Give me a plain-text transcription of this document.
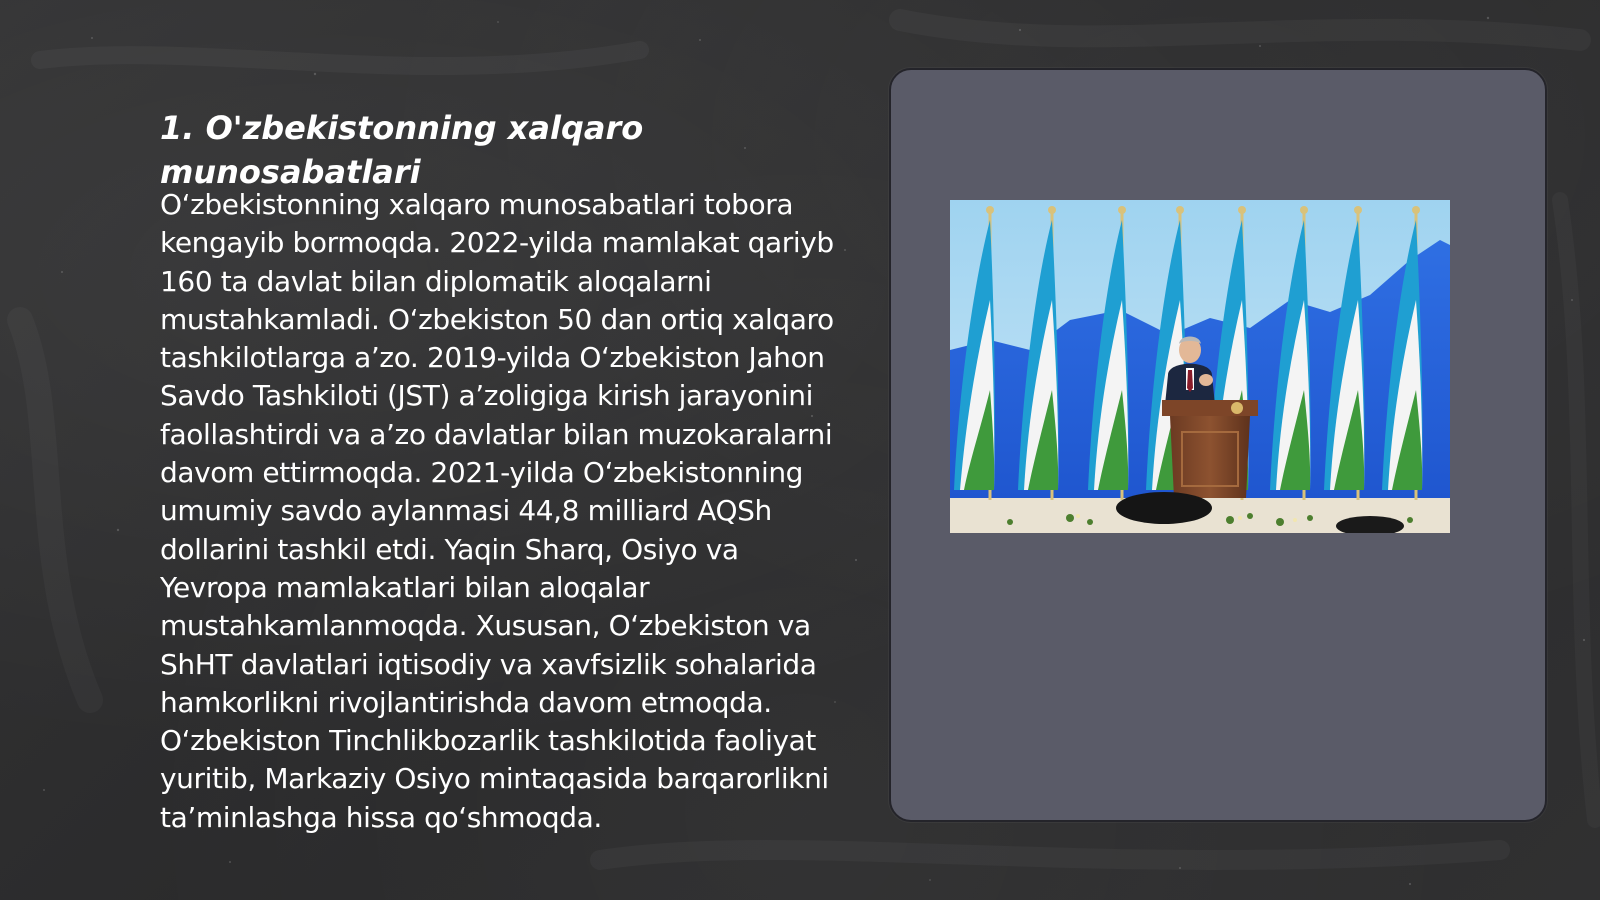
1. O'zbekistonning xalqaro munosabatlari

O‘zbekistonning xalqaro munosabatlari tobora kengayib bormoqda. 2022-yilda mamlakat qariyb 160 ta davlat bilan diplomatik aloqalarni mustahkamladi. O‘zbekiston 50 dan ortiq xalqaro tashkilotlarga a’zo. 2019-yilda O‘zbekiston Jahon Savdo Tashkiloti (JST) a’zoligiga kirish jarayonini faollashtirdi va a’zo davlatlar bilan muzokaralarni davom ettirmoqda. 2021-yilda O‘zbekistonning umumiy savdo aylanmasi 44,8 milliard AQSh dollarini tashkil etdi. Yaqin Sharq, Osiyo va Yevropa mamlakatlari bilan aloqalar mustahkamlanmoqda. Xususan, O‘zbekiston va ShHT davlatlari iqtisodiy va xavfsizlik sohalarida hamkorlikni rivojlantirishda davom etmoqda. O‘zbekiston Tinchlikbozarlik tashkilotida faoliyat yuritib, Markaziy Osiyo mintaqasida barqarorlikni ta’minlashga hissa qo‘shmoqda.
